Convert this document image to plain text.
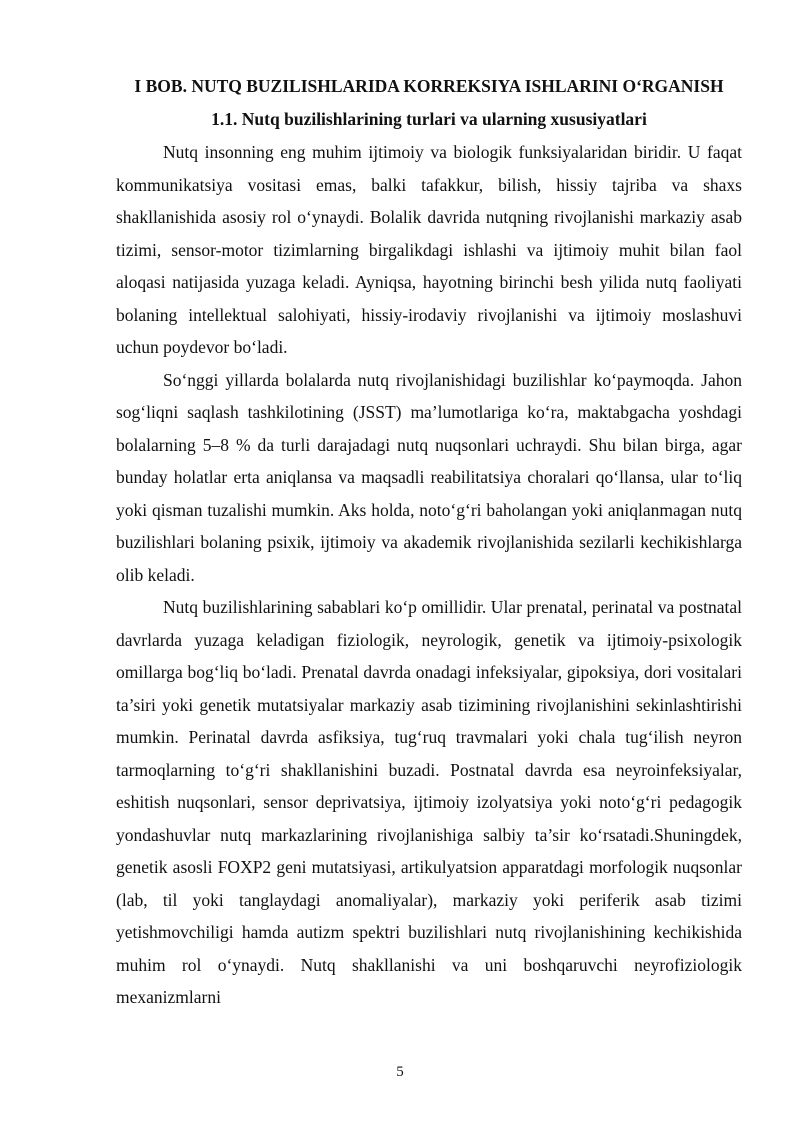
I BOB. NUTQ BUZILISHLARIDA KORREKSIYA ISHLARINI O‘RGANISH
1.1. Nutq buzilishlarining turlari va ularning xususiyatlari

Nutq insonning eng muhim ijtimoiy va biologik funksiyalaridan biridir. U faqat kommunikatsiya vositasi emas, balki tafakkur, bilish, hissiy tajriba va shaxs shakllanishida asosiy rol o‘ynaydi. Bolalik davrida nutqning rivojlanishi markaziy asab tizimi, sensor-motor tizimlarning birgalikdagi ishlashi va ijtimoiy muhit bilan faol aloqasi natijasida yuzaga keladi. Ayniqsa, hayotning birinchi besh yilida nutq faoliyati bolaning intellektual salohiyati, hissiy-irodaviy rivojlanishi va ijtimoiy moslashuvi uchun poydevor bo‘ladi.

So‘nggi yillarda bolalarda nutq rivojlanishidagi buzilishlar ko‘paymoqda. Jahon sog‘liqni saqlash tashkilotining (JSST) ma’lumotlariga ko‘ra, maktabgacha yoshdagi bolalarning 5–8 % da turli darajadagi nutq nuqsonlari uchraydi. Shu bilan birga, agar bunday holatlar erta aniqlansa va maqsadli reabilitatsiya choralari qo‘llansa, ular to‘liq yoki qisman tuzalishi mumkin. Aks holda, noto‘g‘ri baholangan yoki aniqlanmagan nutq buzilishlari bolaning psixik, ijtimoiy va akademik rivojlanishida sezilarli kechikishlarga olib keladi.

Nutq buzilishlarining sabablari ko‘p omillidir. Ular prenatal, perinatal va postnatal davrlarda yuzaga keladigan fiziologik, neyrologik, genetik va ijtimoiy-psixologik omillarga bog‘liq bo‘ladi. Prenatal davrda onadagi infeksiyalar, gipoksiya, dori vositalari ta’siri yoki genetik mutatsiyalar markaziy asab tizimining rivojlanishini sekinlashtirishi mumkin. Perinatal davrda asfiksiya, tug‘ruq travmalari yoki chala tug‘ilish neyron tarmoqlarning to‘g‘ri shakllanishini buzadi. Postnatal davrda esa neyroinfeksiyalar, eshitish nuqsonlari, sensor deprivatsiya, ijtimoiy izolyatsiya yoki noto‘g‘ri pedagogik yondashuvlar nutq markazlarining rivojlanishiga salbiy ta’sir ko‘rsatadi.Shuningdek, genetik asosli FOXP2 geni mutatsiyasi, artikulyatsion apparatdagi morfologik nuqsonlar (lab, til yoki tanglaydagi anomaliyalar), markaziy yoki periferik asab tizimi yetishmovchiligi hamda autizm spektri buzilishlari nutq rivojlanishining kechikishida muhim rol o‘ynaydi. Nutq shakllanishi va uni boshqaruvchi neyrofiziologik mexanizmlarni

5
